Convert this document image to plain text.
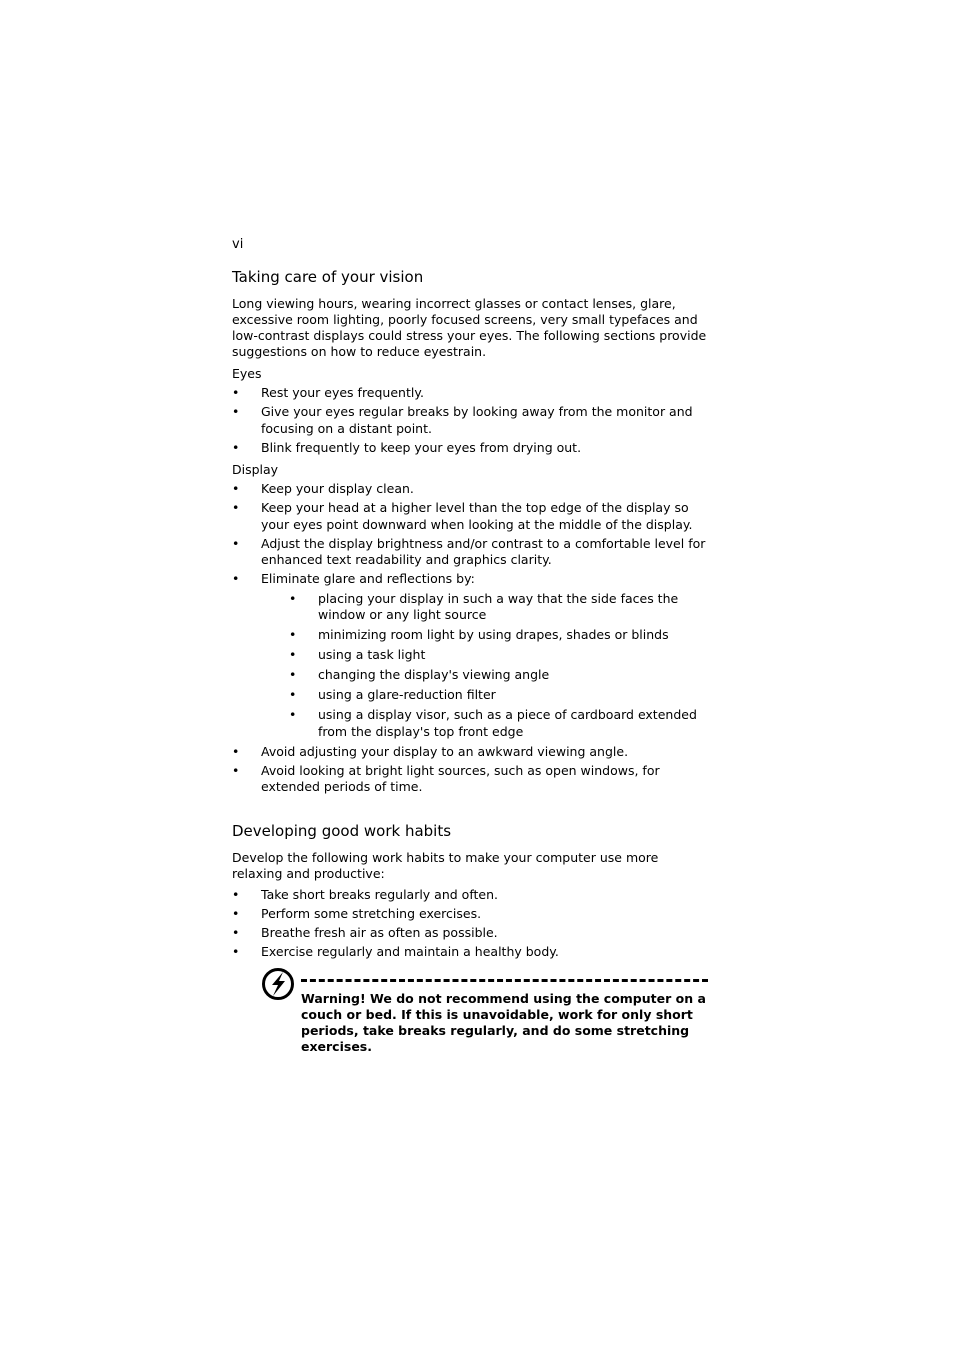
vi
Taking care of your vision

Long viewing hours, wearing incorrect glasses or contact lenses, glare, excessive room lighting, poorly focused screens, very small typefaces and low-contrast displays could stress your eyes. The following sections provide suggestions on how to reduce eyestrain.

Eyes
• Rest your eyes frequently.
• Give your eyes regular breaks by looking away from the monitor and focusing on a distant point.
• Blink frequently to keep your eyes from drying out.
Display
• Keep your display clean.
• Keep your head at a higher level than the top edge of the display so your eyes point downward when looking at the middle of the display.
• Adjust the display brightness and/or contrast to a comfortable level for enhanced text readability and graphics clarity.
• Eliminate glare and reflections by:
• placing your display in such a way that the side faces the window or any light source
• minimizing room light by using drapes, shades or blinds
• using a task light
• changing the display's viewing angle
• using a glare-reduction filter
• using a display visor, such as a piece of cardboard extended from the display's top front edge
• Avoid adjusting your display to an awkward viewing angle.
• Avoid looking at bright light sources, such as open windows, for extended periods of time.
Developing good work habits

Develop the following work habits to make your computer use more relaxing and productive:

• Take short breaks regularly and often.
• Perform some stretching exercises.
• Breathe fresh air as often as possible.
• Exercise regularly and maintain a healthy body.
Warning! We do not recommend using the computer on a couch or bed. If this is unavoidable, work for only short periods, take breaks regularly, and do some stretching exercises.
